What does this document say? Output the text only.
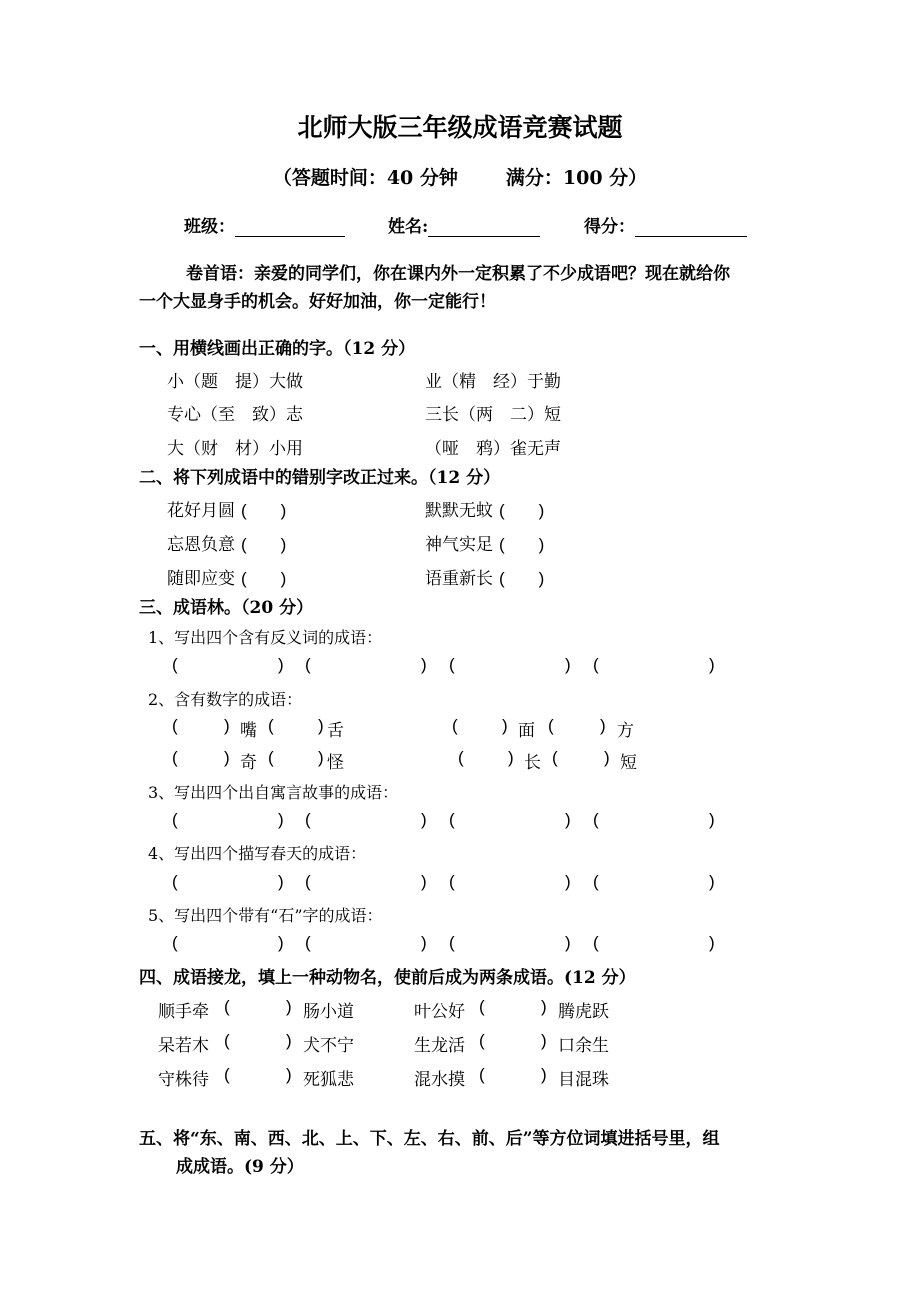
北师大版三年级成语竞赛试题
（答题时间：40 分钟	满分：100 分）
班级：	姓名:	得分：
卷首语：亲爱的同学们，你在课内外一定积累了不少成语吧？现在就给你
一个大显身手的机会。好好加油，你一定能行！
一、用横线画出正确的字。（12 分）
小（题　提）大做	业（精　经）于勤
专心（至　致）志	三长（两　二）短
大（财　材）小用	（哑　鸦）雀无声
二、将下列成语中的错别字改正过来。（12 分）
花好月圆 ( )	默默无蚊 ( )
忘恩负意 ( )	神气实足 ( )
随即应变 ( )	语重新长 ( )
三、成语林。（20 分）
1、写出四个含有反义词的成语：
(	) (	) (	) (	)
2、含有数字的成语：
(	) 嘴 (	) 舌	(	) 面 (	) 方
(	) 奇 (	) 怪	(	) 长 (	) 短
3、写出四个出自寓言故事的成语：
(	) (	) (	) (	)
4、写出四个描写春天的成语：
(	) (	) (	) (	)
5、写出四个带有“石”字的成语：
(	) (	) (	) (	)
四、成语接龙，填上一种动物名，使前后成为两条成语。(12 分）
顺手牵 (	) 肠小道	叶公好 (	) 腾虎跃
呆若木 (	) 犬不宁	生龙活 (	) 口余生
守株待 (	) 死狐悲	混水摸 (	) 目混珠
五、将“东、南、西、北、上、下、左、右、前、后”等方位词填进括号里，组
成成语。(9 分）
